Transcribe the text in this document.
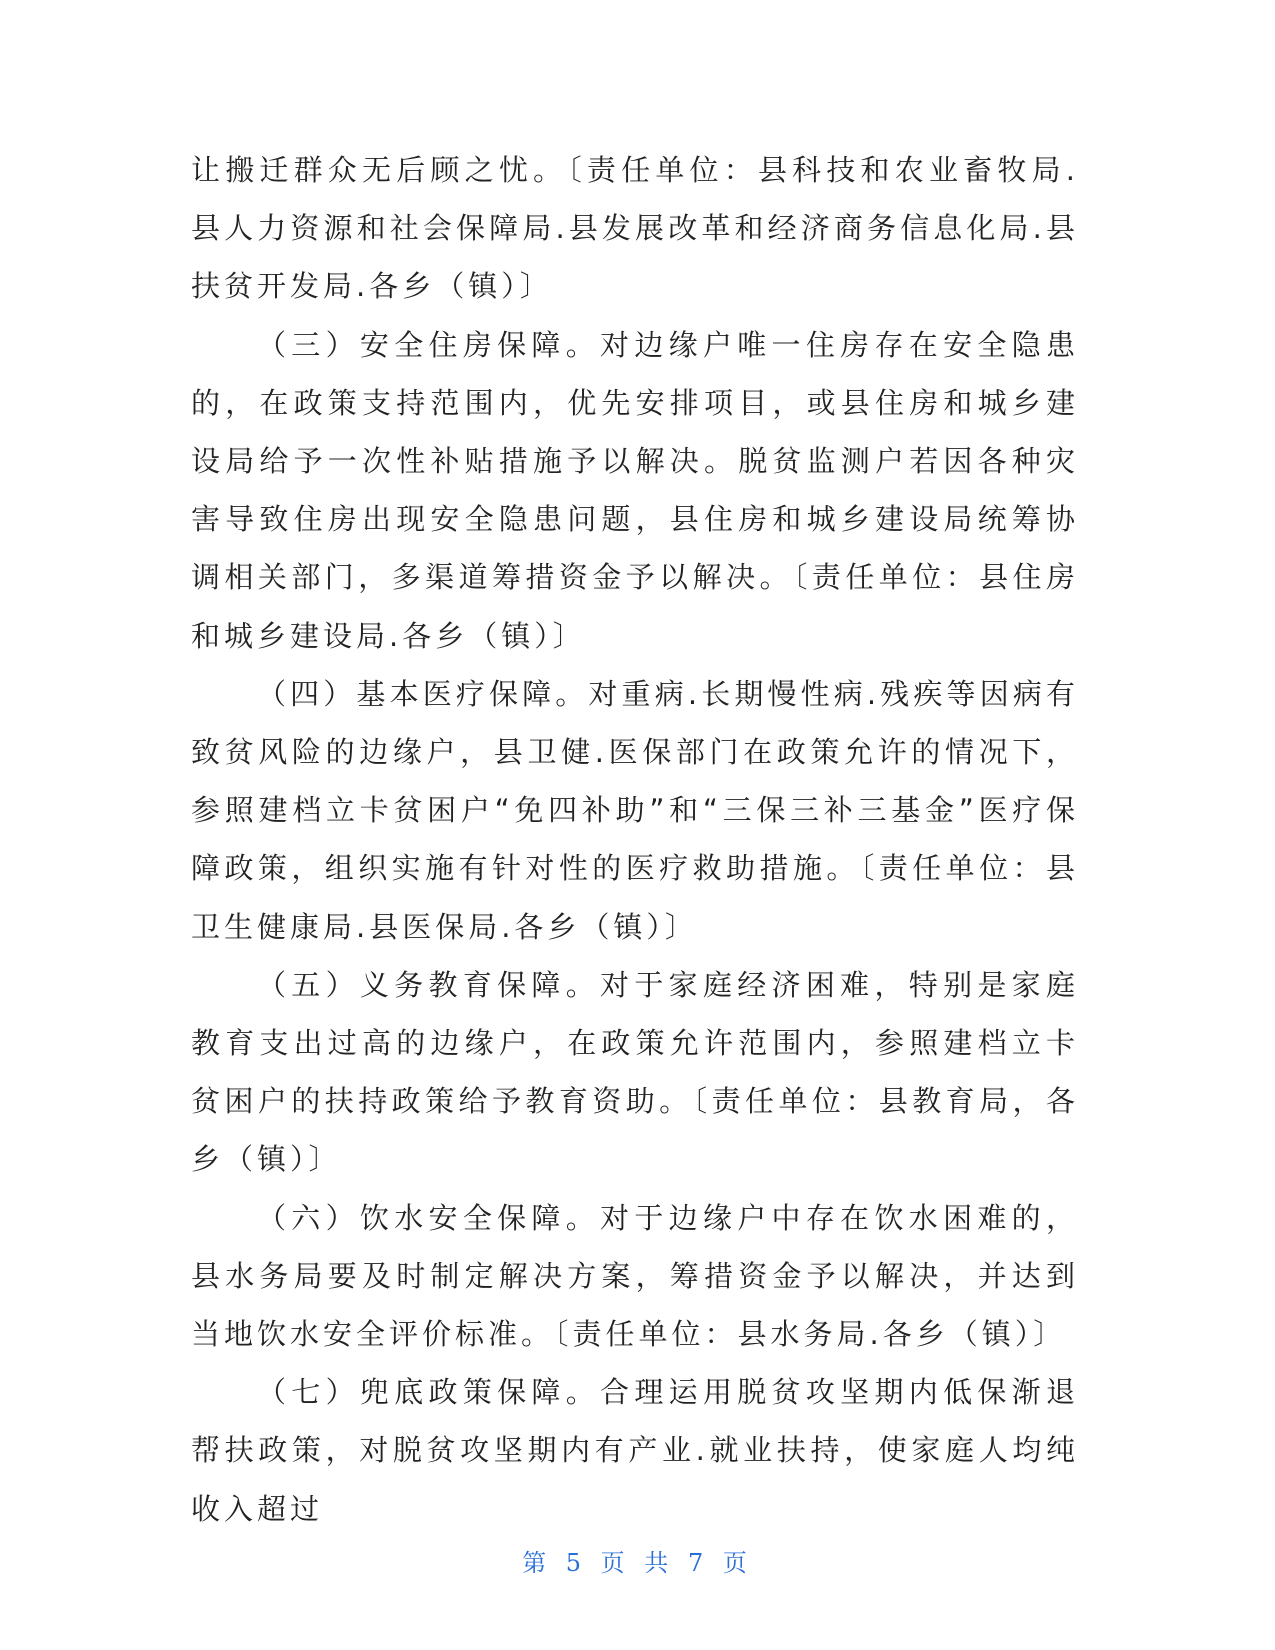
让搬迁群众无后顾之忧。〔责任单位：县科技和农业畜牧局.县人力资源和社会保障局.县发展改革和经济商务信息化局.县扶贫开发局.各乡（镇）〕

（三）安全住房保障。对边缘户唯一住房存在安全隐患的，在政策支持范围内，优先安排项目，或县住房和城乡建设局给予一次性补贴措施予以解决。脱贫监测户若因各种灾害导致住房出现安全隐患问题，县住房和城乡建设局统筹协调相关部门，多渠道筹措资金予以解决。〔责任单位：县住房和城乡建设局.各乡（镇）〕

（四）基本医疗保障。对重病.长期慢性病.残疾等因病有致贫风险的边缘户，县卫健.医保部门在政策允许的情况下，参照建档立卡贫困户“免四补助”和“三保三补三基金”医疗保障政策，组织实施有针对性的医疗救助措施。〔责任单位：县卫生健康局.县医保局.各乡（镇）〕

（五）义务教育保障。对于家庭经济困难，特别是家庭教育支出过高的边缘户，在政策允许范围内，参照建档立卡贫困户的扶持政策给予教育资助。〔责任单位：县教育局，各乡（镇）〕

（六）饮水安全保障。对于边缘户中存在饮水困难的，县水务局要及时制定解决方案，筹措资金予以解决，并达到当地饮水安全评价标准。〔责任单位：县水务局.各乡（镇）〕

（七）兜底政策保障。合理运用脱贫攻坚期内低保渐退帮扶政策，对脱贫攻坚期内有产业.就业扶持，使家庭人均纯收入超过

第 5 页 共 7 页
